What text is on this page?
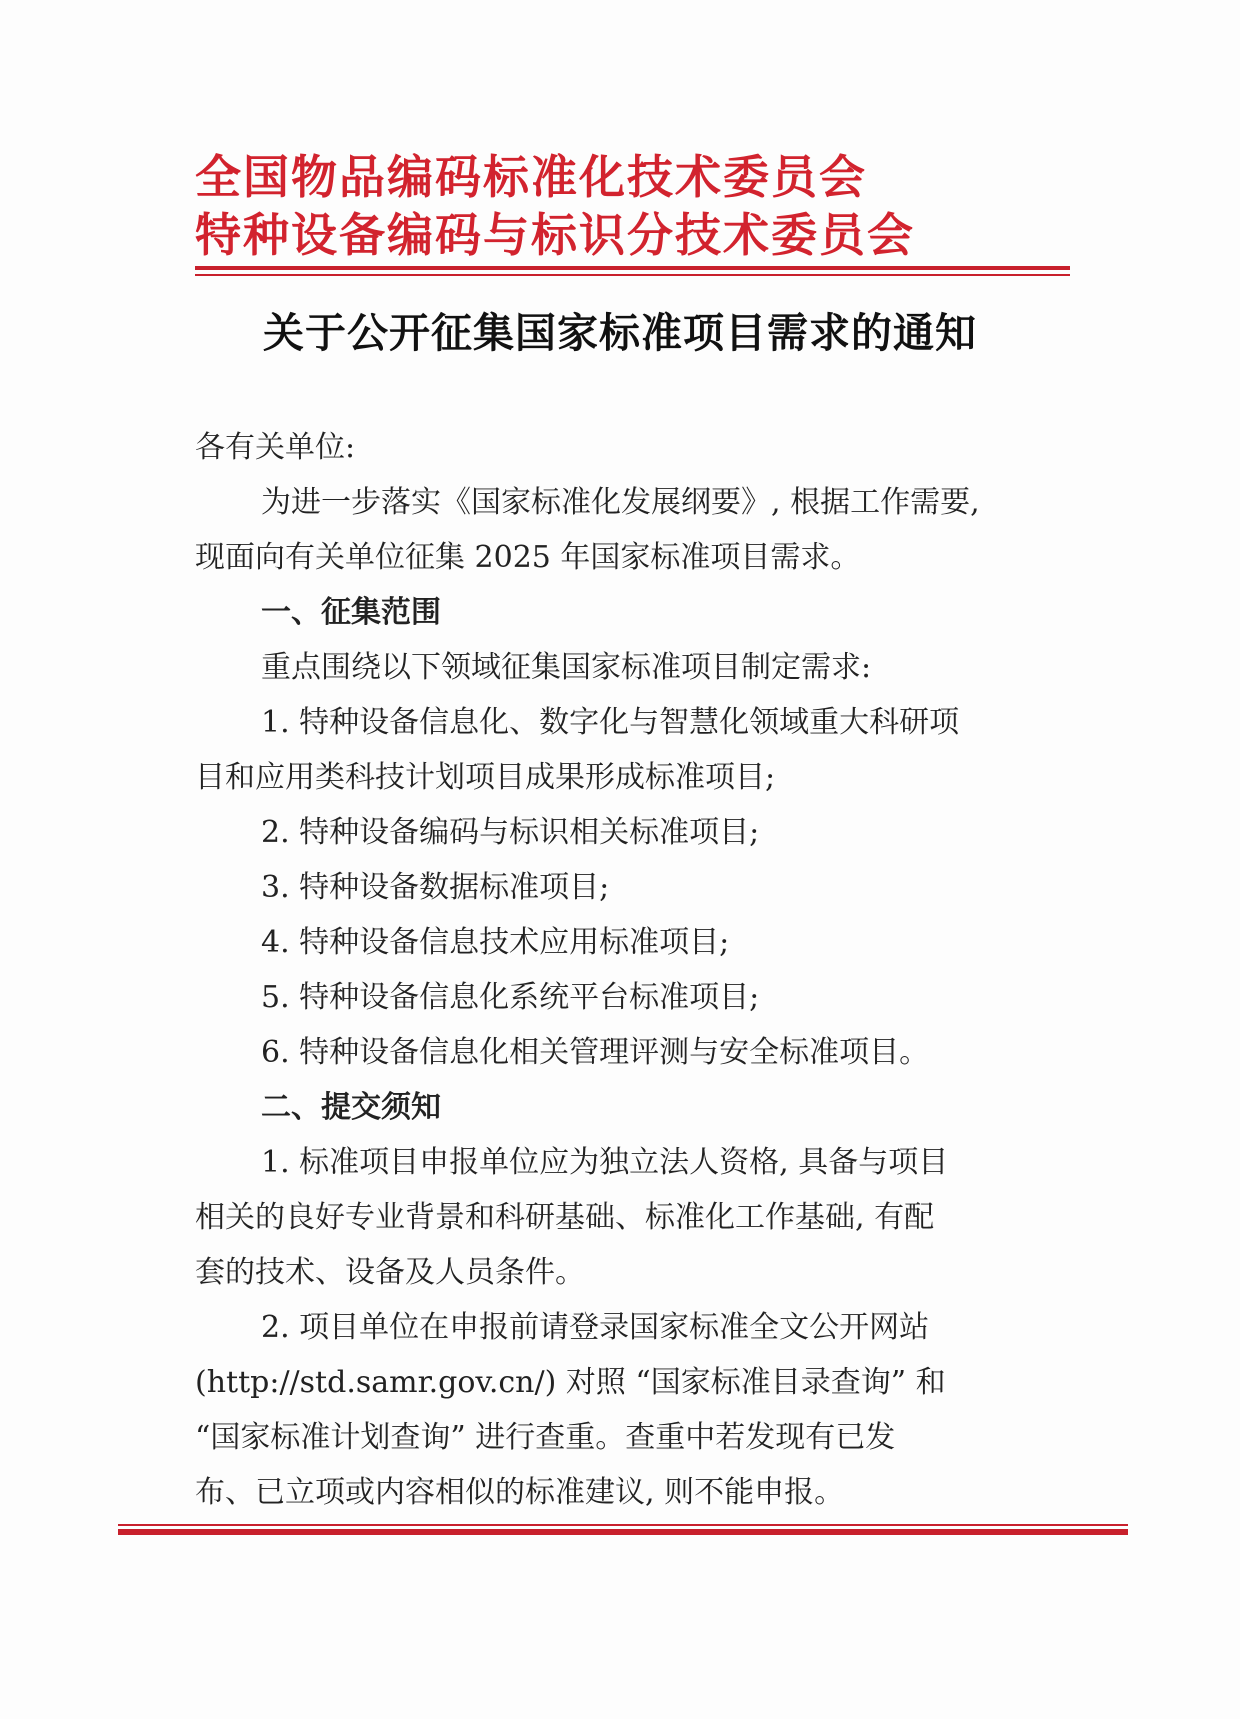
全国物品编码标准化技术委员会
特种设备编码与标识分技术委员会
关于公开征集国家标准项目需求的通知

各有关单位:

为进一步落实《国家标准化发展纲要》, 根据工作需要,

现面向有关单位征集 2025 年国家标准项目需求。

一、征集范围

重点围绕以下领域征集国家标准项目制定需求:

1. 特种设备信息化、数字化与智慧化领域重大科研项

目和应用类科技计划项目成果形成标准项目;

2. 特种设备编码与标识相关标准项目;

3. 特种设备数据标准项目;

4. 特种设备信息技术应用标准项目;

5. 特种设备信息化系统平台标准项目;

6. 特种设备信息化相关管理评测与安全标准项目。

二、提交须知

1. 标准项目申报单位应为独立法人资格, 具备与项目

相关的良好专业背景和科研基础、标准化工作基础, 有配

套的技术、设备及人员条件。

2. 项目单位在申报前请登录国家标准全文公开网站

(http://std.samr.gov.cn/) 对照 “国家标准目录查询” 和

“国家标准计划查询” 进行查重。查重中若发现有已发

布、已立项或内容相似的标准建议, 则不能申报。
